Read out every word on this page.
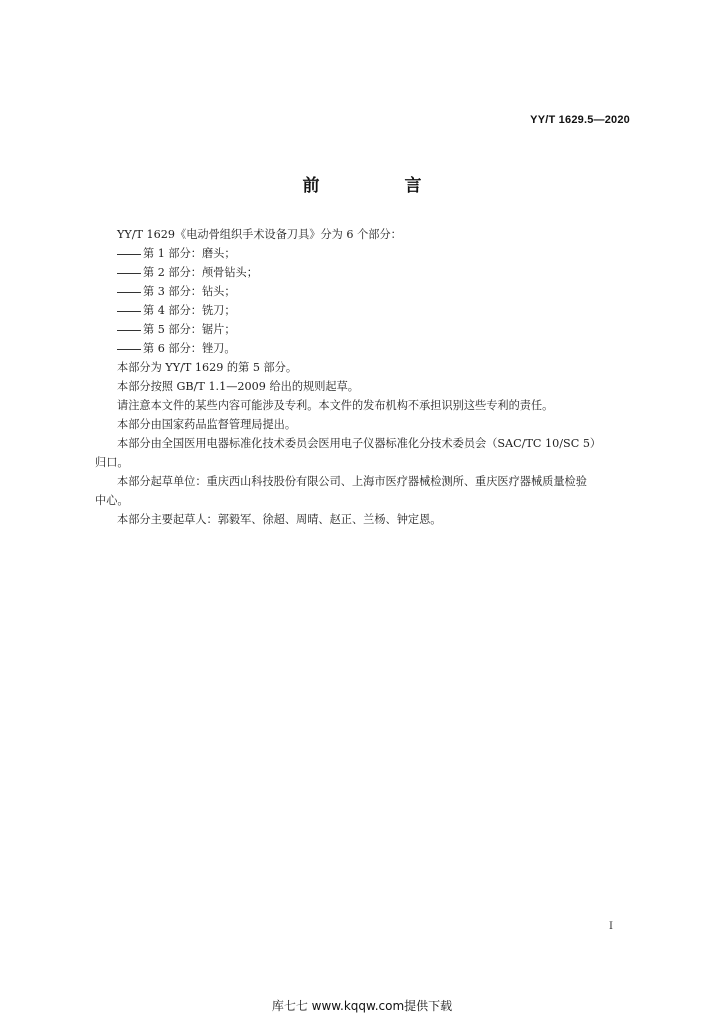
YY/T 1629.5—2020
前　言

YY/T 1629《电动骨组织手术设备刀具》分为 6 个部分：

第 1 部分：磨头；

第 2 部分：颅骨钻头；

第 3 部分：钻头；

第 4 部分：铣刀；

第 5 部分：锯片；

第 6 部分：锉刀。

本部分为 YY/T 1629 的第 5 部分。

本部分按照 GB/T 1.1—2009 给出的规则起草。

请注意本文件的某些内容可能涉及专利。本文件的发布机构不承担识别这些专利的责任。

本部分由国家药品监督管理局提出。

本部分由全国医用电器标准化技术委员会医用电子仪器标准化分技术委员会（SAC/TC 10/SC 5）

归口。

本部分起草单位：重庆西山科技股份有限公司、上海市医疗器械检测所、重庆医疗器械质量检验

中心。

本部分主要起草人：郭毅军、徐超、周晴、赵正、兰杨、钟定恩。

I
库七七 www.kqqw.com提供下载
